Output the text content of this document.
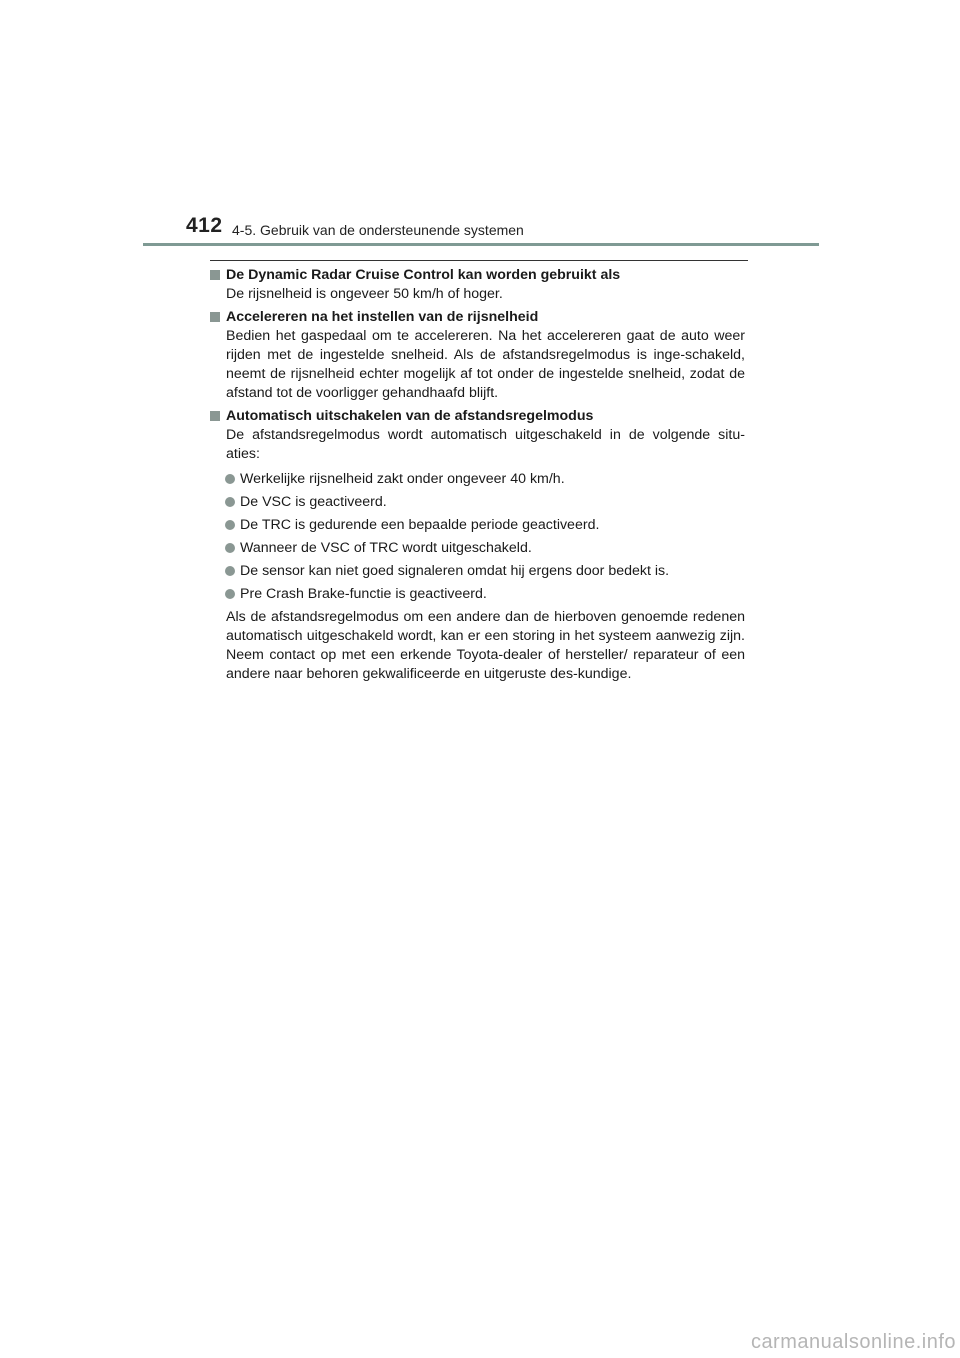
412 4-5. Gebruik van de ondersteunende systemen

De Dynamic Radar Cruise Control kan worden gebruikt als

De rijsnelheid is ongeveer 50 km/h of hoger.

Accelereren na het instellen van de rijsnelheid

Bedien het gaspedaal om te accelereren. Na het accelereren gaat de auto weer rijden met de ingestelde snelheid. Als de afstandsregelmodus is inge-schakeld, neemt de rijsnelheid echter mogelijk af tot onder de ingestelde snelheid, zodat de afstand tot de voorligger gehandhaafd blijft.

Automatisch uitschakelen van de afstandsregelmodus

De afstandsregelmodus wordt automatisch uitgeschakeld in de volgende situ-aties:

Werkelijke rijsnelheid zakt onder ongeveer 40 km/h.
De VSC is geactiveerd.
De TRC is gedurende een bepaalde periode geactiveerd.
Wanneer de VSC of TRC wordt uitgeschakeld.
De sensor kan niet goed signaleren omdat hij ergens door bedekt is.
Pre Crash Brake-functie is geactiveerd.

Als de afstandsregelmodus om een andere dan de hierboven genoemde redenen automatisch uitgeschakeld wordt, kan er een storing in het systeem aanwezig zijn. Neem contact op met een erkende Toyota-dealer of hersteller/ reparateur of een andere naar behoren gekwalificeerde en uitgeruste des-kundige.

carmanualsonline.info
